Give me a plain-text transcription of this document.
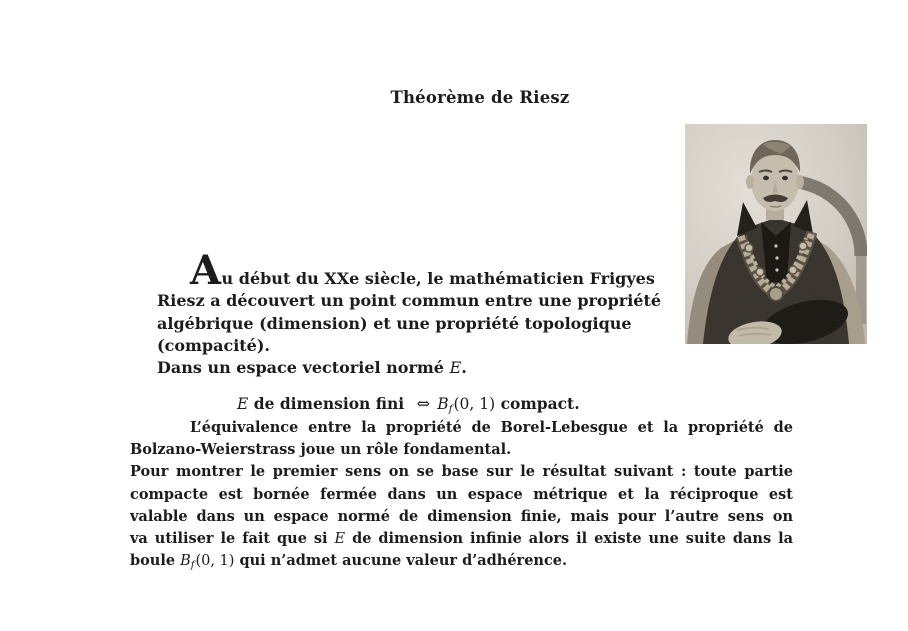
Théorème de Riesz
Au début du XXe siècle, le mathématicien Frigyes
Riesz a découvert un point commun entre une propriété
algébrique (dimension) et une propriété topologique
(compacité).
Dans un espace vectoriel normé E.
E de dimension fini ⇔ Bf(0, 1) compact.
L’équivalence entre la propriété de Borel-Lebesgue et la propriété de
Bolzano-Weierstrass joue un rôle fondamental.
Pour montrer le premier sens on se base sur le résultat suivant : toute partie
compacte est bornée fermée dans un espace métrique et la réciproque est
valable dans un espace normé de dimension finie, mais pour l’autre sens on
va utiliser le fait que si E de dimension infinie alors il existe une suite dans la
boule Bf(0, 1) qui n’admet aucune valeur d’adhérence.
